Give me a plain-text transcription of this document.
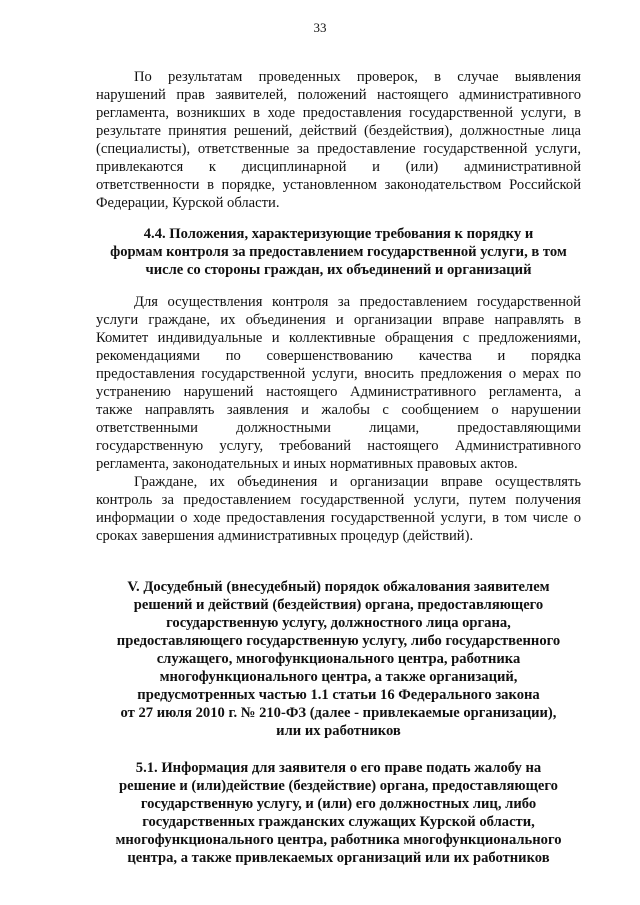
33
По результатам проведенных проверок, в случае выявления
нарушений прав заявителей, положений настоящего административного
регламента, возникших в ходе предоставления государственной услуги, в
результате принятия решений, действий (бездействия), должностные лица
(специалисты), ответственные за предоставление государственной услуги,
привлекаются к дисциплинарной и (или) административной
ответственности в порядке, установленном законодательством Российской
Федерации, Курской области.
4.4. Положения, характеризующие требования к порядку и
формам контроля за предоставлением государственной услуги, в том
числе со стороны граждан, их объединений и организаций
Для осуществления контроля за предоставлением государственной
услуги граждане, их объединения и организации вправе направлять в
Комитет индивидуальные и коллективные обращения с предложениями,
рекомендациями по совершенствованию качества и порядка
предоставления государственной услуги, вносить предложения о мерах по
устранению нарушений настоящего Административного регламента, а
также направлять заявления и жалобы с сообщением о нарушении
ответственными должностными лицами, предоставляющими
государственную услугу, требований настоящего Административного
регламента, законодательных и иных нормативных правовых актов.
Граждане, их объединения и организации вправе осуществлять
контроль за предоставлением государственной услуги, путем получения
информации о ходе предоставления государственной услуги, в том числе о
сроках завершения административных процедур (действий).
V. Досудебный (внесудебный) порядок обжалования заявителем
решений и действий (бездействия) органа, предоставляющего
государственную услугу, должностного лица органа,
предоставляющего государственную услугу, либо государственного
служащего, многофункционального центра, работника
многофункционального центра, а также организаций,
предусмотренных частью 1.1 статьи 16 Федерального закона
от 27 июля 2010 г. № 210-ФЗ (далее - привлекаемые организации),
или их работников
5.1. Информация для заявителя о его праве подать жалобу на
решение и (или)действие (бездействие) органа, предоставляющего
государственную услугу, и (или) его должностных лиц, либо
государственных гражданских служащих Курской области,
многофункционального центра, работника многофункционального
центра, а также привлекаемых организаций или их работников
